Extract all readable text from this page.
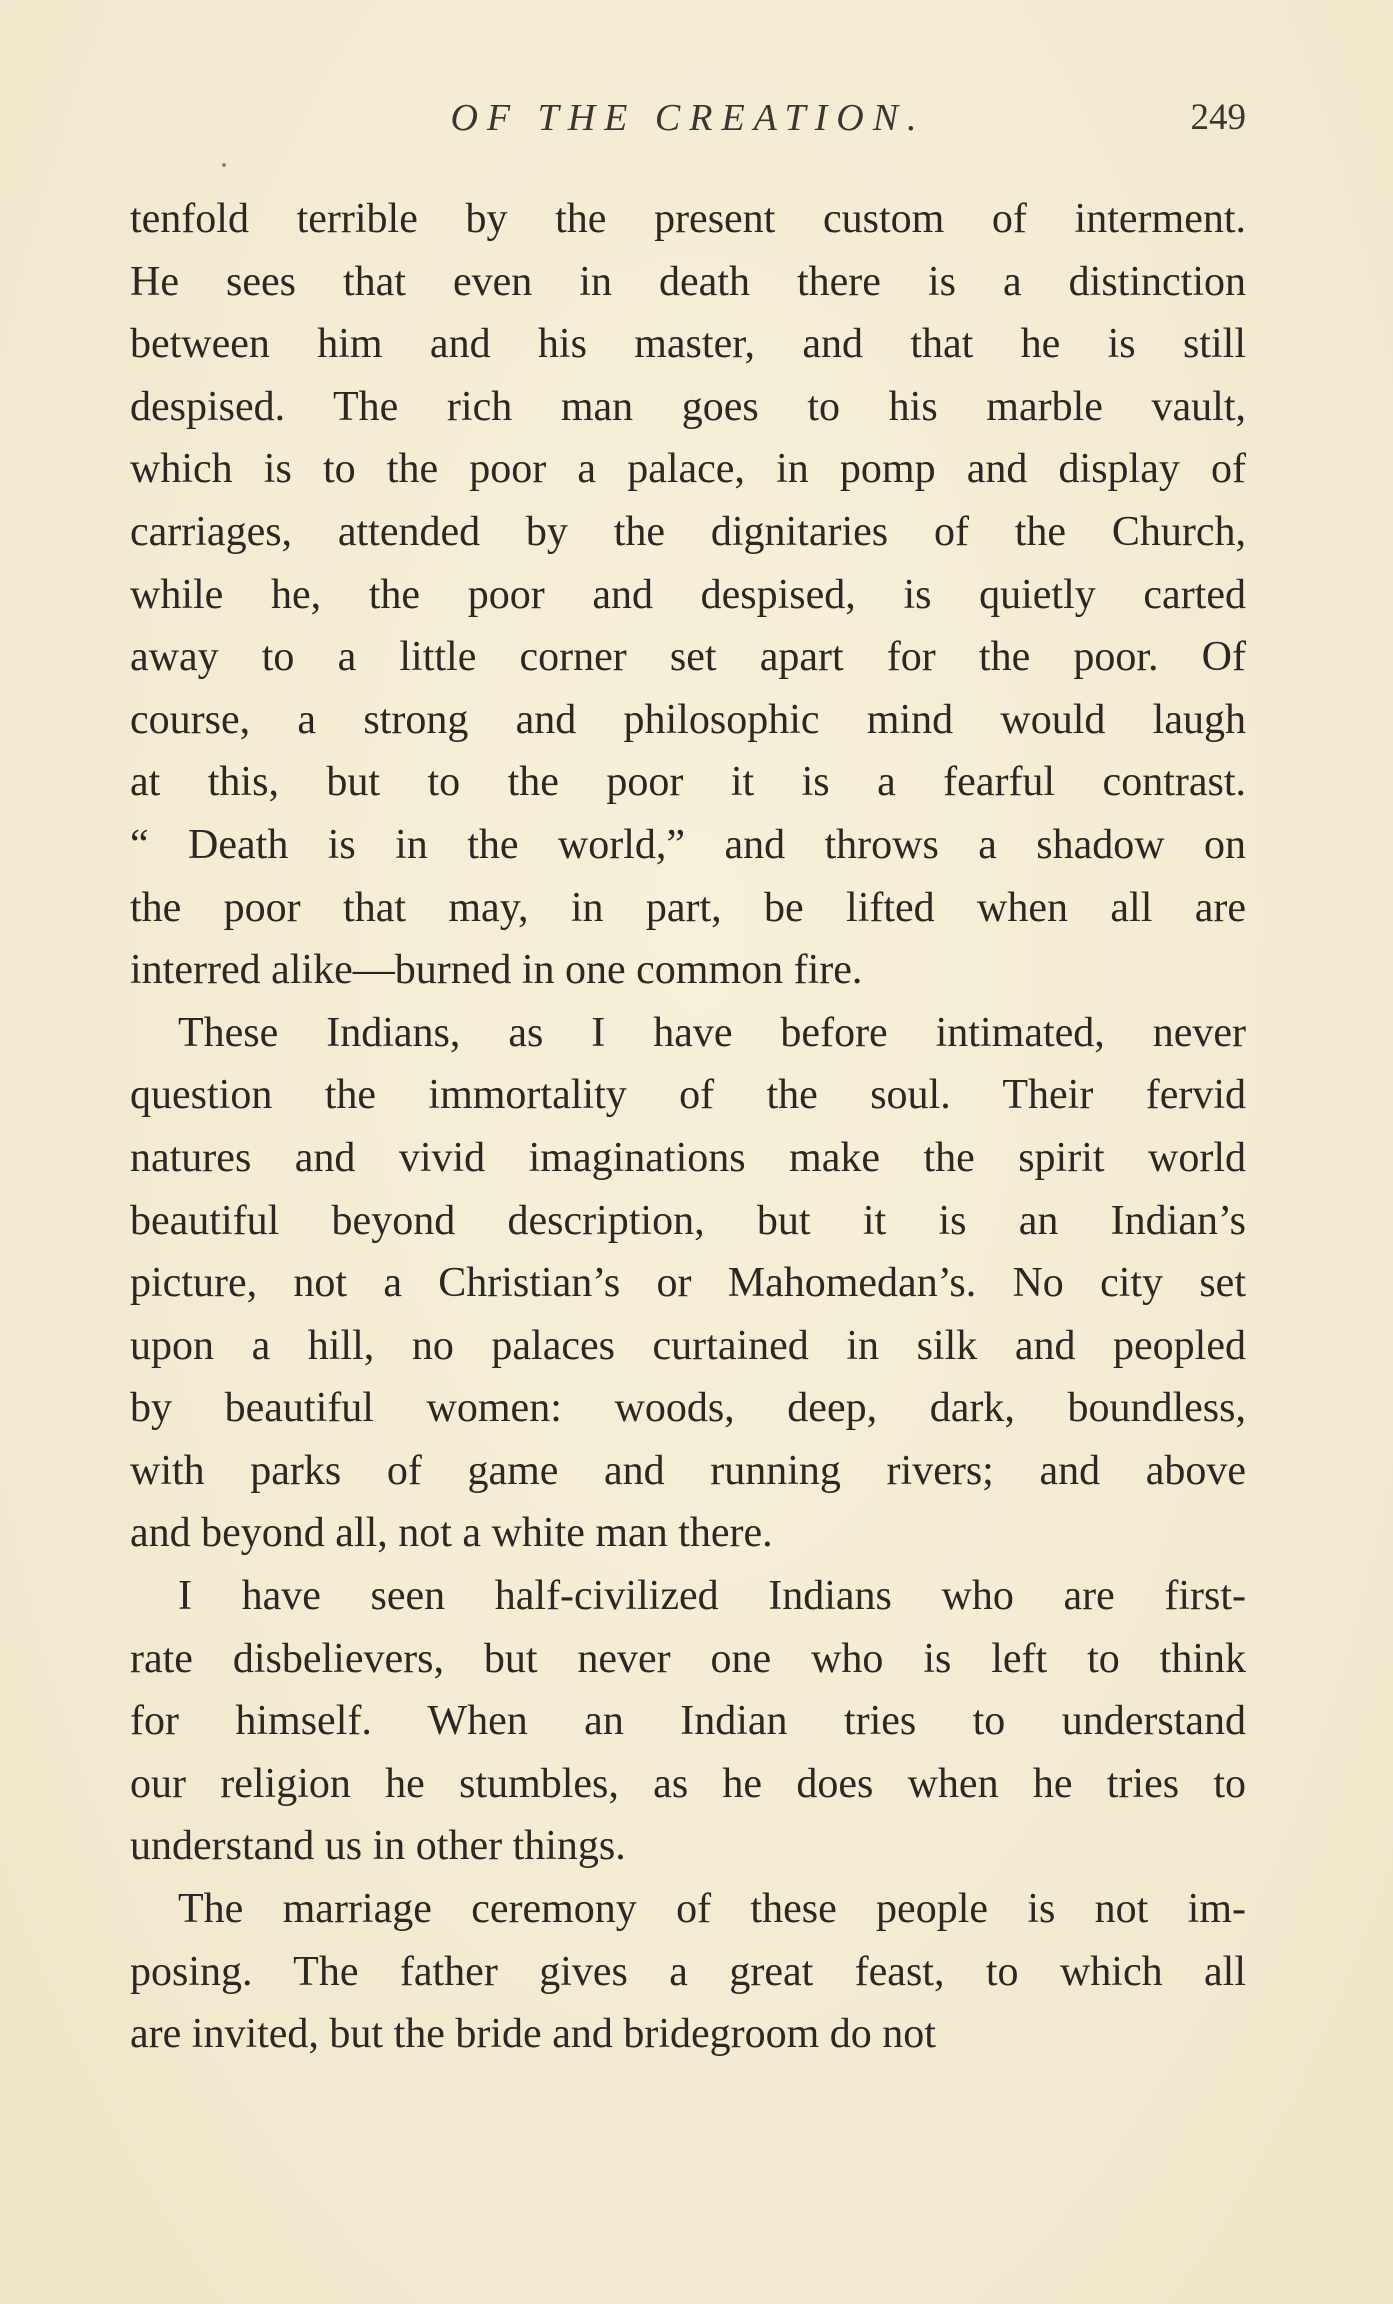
OF THE CREATION.	249
tenfold terrible by the present custom of interment.
He sees that even in death there is a distinction
between him and his master, and that he is still
despised. The rich man goes to his marble vault,
which is to the poor a palace, in pomp and display of
carriages, attended by the dignitaries of the Church,
while he, the poor and despised, is quietly carted
away to a little corner set apart for the poor. Of
course, a strong and philosophic mind would laugh
at this, but to the poor it is a fearful contrast.
“ Death is in the world,” and throws a shadow on
the poor that may, in part, be lifted when all are
interred alike—burned in one common fire.
These Indians, as I have before intimated, never
question the immortality of the soul. Their fervid
natures and vivid imaginations make the spirit world
beautiful beyond description, but it is an Indian’s
picture, not a Christian’s or Mahomedan’s. No city set
upon a hill, no palaces curtained in silk and peopled
by beautiful women: woods, deep, dark, boundless,
with parks of game and running rivers; and above
and beyond all, not a white man there.
I have seen half-civilized Indians who are first-
rate disbelievers, but never one who is left to think
for himself. When an Indian tries to understand
our religion he stumbles, as he does when he tries to
understand us in other things.
The marriage ceremony of these people is not im-
posing. The father gives a great feast, to which all
are invited, but the bride and bridegroom do not
